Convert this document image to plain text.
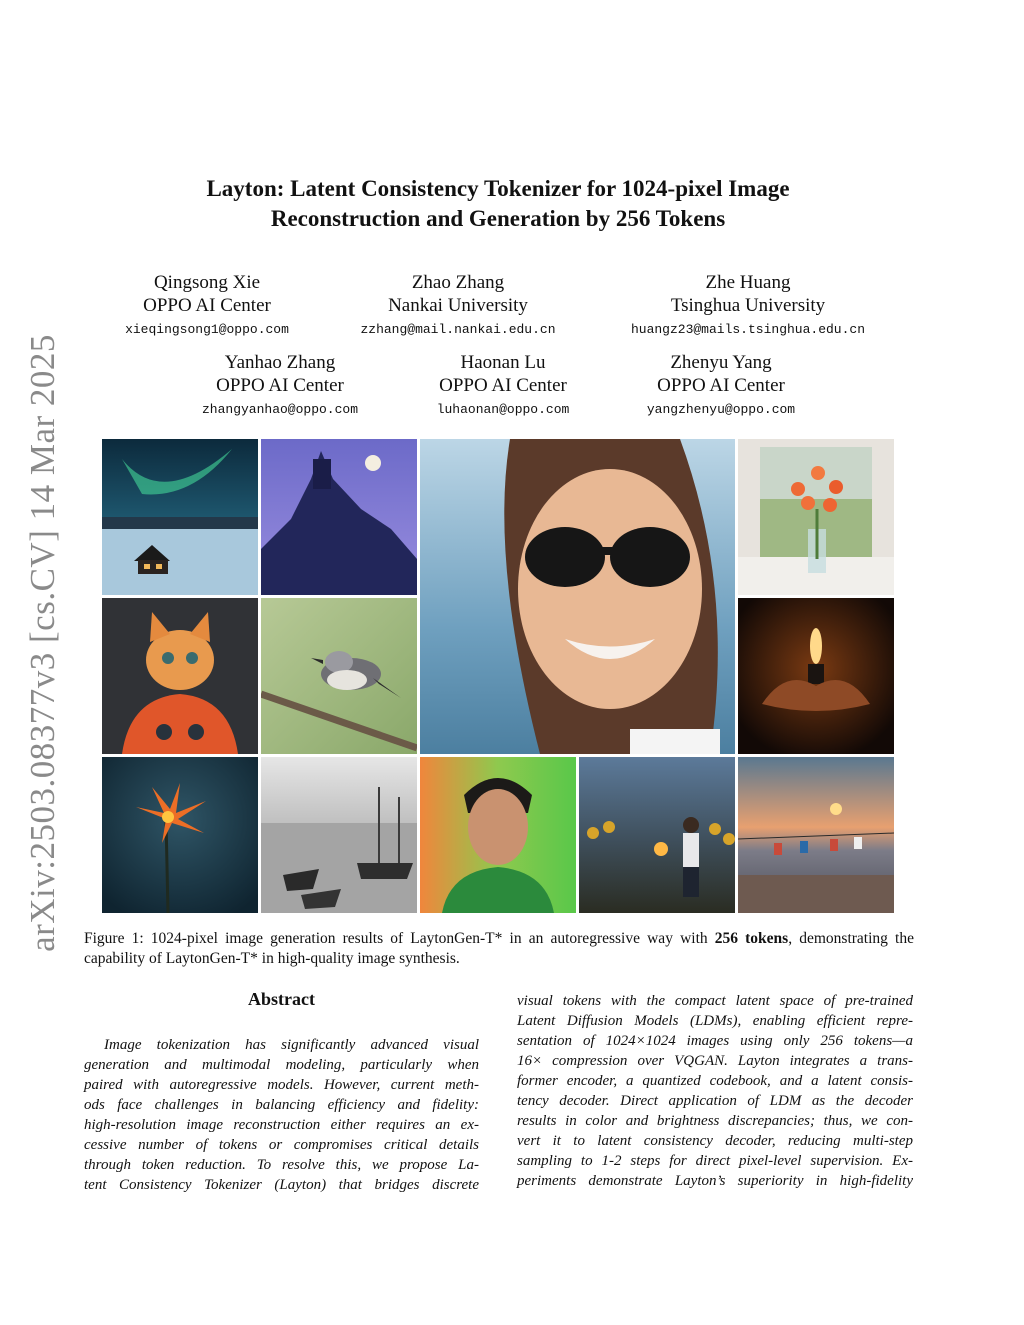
arXiv:2503.08377v3 [cs.CV] 14 Mar 2025
Layton: Latent Consistency Tokenizer for 1024-pixel Image
Reconstruction and Generation by 256 Tokens
Qingsong Xie
OPPO AI Center
xieqingsong1@oppo.com
Zhao Zhang
Nankai University
zzhang@mail.nankai.edu.cn
Zhe Huang
Tsinghua University
huangz23@mails.tsinghua.edu.cn
Yanhao Zhang
OPPO AI Center
zhangyanhao@oppo.com
Haonan Lu
OPPO AI Center
luhaonan@oppo.com
Zhenyu Yang
OPPO AI Center
yangzhenyu@oppo.com
Figure 1: 1024-pixel image generation results of LaytonGen-T* in an autoregressive way with 256 tokens, demonstrating the capability of LaytonGen-T* in high-quality image synthesis.
Abstract
Image tokenization has significantly advanced visual
generation and multimodal modeling, particularly when
paired with autoregressive models. However, current meth-
ods face challenges in balancing efficiency and fidelity:
high-resolution image reconstruction either requires an ex-
cessive number of tokens or compromises critical details
through token reduction. To resolve this, we propose La-
tent Consistency Tokenizer (Layton) that bridges discrete
visual tokens with the compact latent space of pre-trained
Latent Diffusion Models (LDMs), enabling efficient repre-
sentation of 1024×1024 images using only 256 tokens—a
16× compression over VQGAN. Layton integrates a trans-
former encoder, a quantized codebook, and a latent consis-
tency decoder. Direct application of LDM as the decoder
results in color and brightness discrepancies; thus, we con-
vert it to latent consistency decoder, reducing multi-step
sampling to 1-2 steps for direct pixel-level supervision. Ex-
periments demonstrate Layton’s superiority in high-fidelity
